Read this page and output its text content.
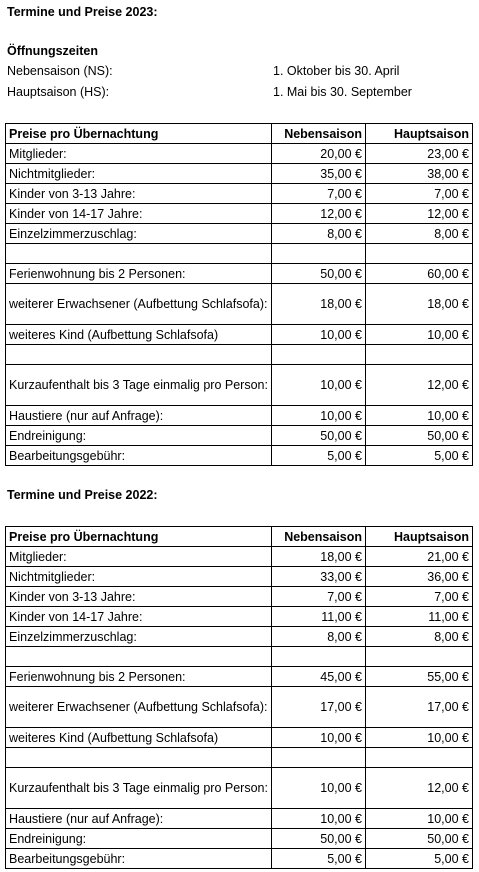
Termine und Preise 2023:
Öffnungszeiten
Nebensaison (NS):	1. Oktober bis 30. April
Hauptsaison (HS):	1. Mai bis 30. September
Preise pro Übernachtung	Nebensaison	Hauptsaison
Mitglieder:	20,00 €	23,00 €
Nichtmitglieder:	35,00 €	38,00 €
Kinder von 3-13 Jahre:	7,00 €	7,00 €
Kinder von 14-17 Jahre:	12,00 €	12,00 €
Einzelzimmerzuschlag:	8,00 €	8,00 €

Ferienwohnung bis 2 Personen:	50,00 €	60,00 €
weiterer Erwachsener (Aufbettung Schlafsofa):	18,00 €	18,00 €
weiteres Kind (Aufbettung Schlafsofa)	10,00 €	10,00 €

Kurzaufenthalt bis 3 Tage einmalig pro Person:	10,00 €	12,00 €
Haustiere (nur auf Anfrage):	10,00 €	10,00 €
Endreinigung:	50,00 €	50,00 €
Bearbeitungsgebühr:	5,00 €	5,00 €
Termine und Preise 2022:
Preise pro Übernachtung	Nebensaison	Hauptsaison
Mitglieder:	18,00 €	21,00 €
Nichtmitglieder:	33,00 €	36,00 €
Kinder von 3-13 Jahre:	7,00 €	7,00 €
Kinder von 14-17 Jahre:	11,00 €	11,00 €
Einzelzimmerzuschlag:	8,00 €	8,00 €

Ferienwohnung bis 2 Personen:	45,00 €	55,00 €
weiterer Erwachsener (Aufbettung Schlafsofa):	17,00 €	17,00 €
weiteres Kind (Aufbettung Schlafsofa)	10,00 €	10,00 €

Kurzaufenthalt bis 3 Tage einmalig pro Person:	10,00 €	12,00 €
Haustiere (nur auf Anfrage):	10,00 €	10,00 €
Endreinigung:	50,00 €	50,00 €
Bearbeitungsgebühr:	5,00 €	5,00 €
